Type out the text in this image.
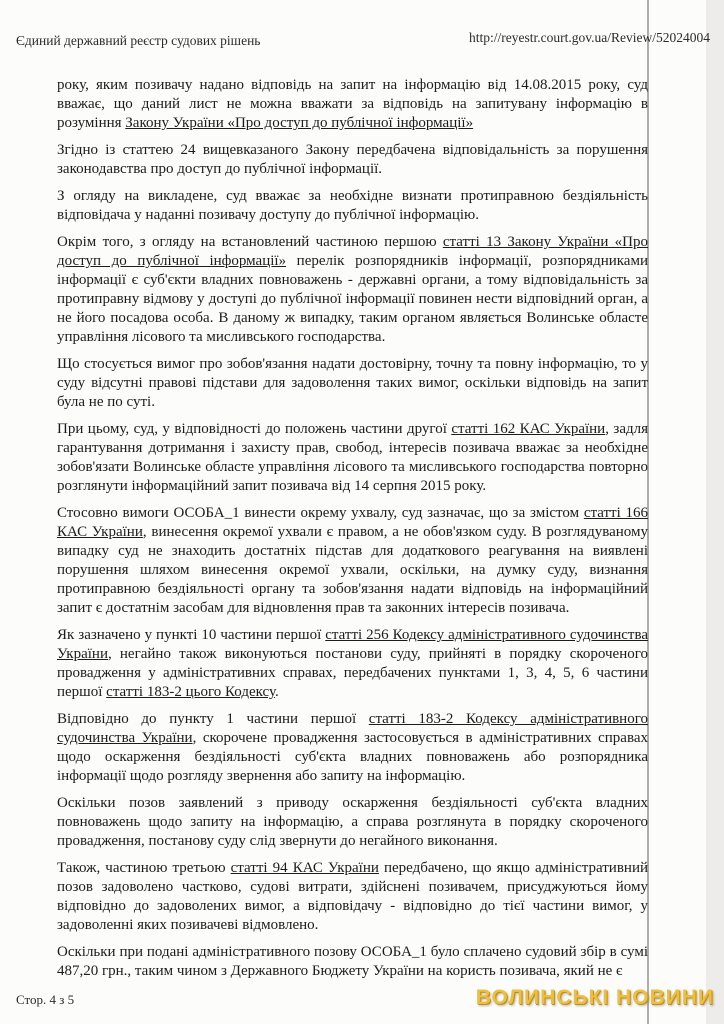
Єдиний державний реєстр судових рішень	http://reyestr.court.gov.ua/Review/52024004

року, яким позивачу надано відповідь на запит на інформацію від 14.08.2015 року, суд вважає, що даний лист не можна вважати за відповідь на запитувану інформацію в розуміння Закону України «Про доступ до публічної інформації»

Згідно із статтею 24 вищевказаного Закону передбачена відповідальність за порушення законодавства про доступ до публічної інформації.

З огляду на викладене, суд вважає за необхідне визнати протиправною бездіяльність відповідача у наданні позивачу доступу до публічної інформацію.

Окрім того, з огляду на встановлений частиною першою статті 13 Закону України «Про доступ до публічної інформації» перелік розпорядників інформації, розпорядниками інформації є суб'єкти владних повноважень - державні органи, а тому відповідальність за протиправну відмову у доступі до публічної інформації повинен нести відповідний орган, а не його посадова особа. В даному ж випадку, таким органом являється Волинське областе управління лісового та мисливського господарства.

Що стосується вимог про зобов'язання надати достовірну, точну та повну інформацію, то у суду відсутні правові підстави для задоволення таких вимог, оскільки відповідь на запит була не по суті.

При цьому, суд, у відповідності до положень частини другої статті 162 КАС України, задля гарантування дотримання і захисту прав, свобод, інтересів позивача вважає за необхідне зобов'язати Волинське областе управління лісового та мисливського господарства повторно розглянути інформаційний запит позивача від 14 серпня 2015 року.

Стосовно вимоги ОСОБА_1 винести окрему ухвалу, суд зазначає, що за змістом статті 166 КАС України, винесення окремої ухвали є правом, а не обов'язком суду. В розглядуваному випадку суд не знаходить достатніх підстав для додаткового реагування на виявлені порушення шляхом винесення окремої ухвали, оскільки, на думку суду, визнання протиправною бездіяльності органу та зобов'язання надати відповідь на інформаційний запит є достатнім засобам для відновлення прав та законних інтересів позивача.

Як зазначено у пункті 10 частини першої статті 256 Кодексу адміністративного судочинства України, негайно також виконуються постанови суду, прийняті в порядку скороченого провадження у адміністративних справах, передбачених пунктами 1, 3, 4, 5, 6 частини першої статті 183-2 цього Кодексу.

Відповідно до пункту 1 частини першої статті 183-2 Кодексу адміністративного судочинства України, скорочене провадження застосовується в адміністративних справах щодо оскарження бездіяльності суб'єкта владних повноважень або розпорядника інформації щодо розгляду звернення або запиту на інформацію.

Оскільки позов заявлений з приводу оскарження бездіяльності суб'єкта владних повноважень щодо запиту на інформацію, а справа розглянута в порядку скороченого провадження, постанову суду слід звернути до негайного виконання.

Також, частиною третьою статті 94 КАС України передбачено, що якщо адміністративний позов задоволено частково, судові витрати, здійснені позивачем, присуджуються йому відповідно до задоволених вимог, а відповідачу - відповідно до тієї частини вимог, у задоволенні яких позивачеві відмовлено.

Оскільки при подані адміністративного позову ОСОБА_1 було сплачено судовий збір в сумі 487,20 грн., таким чином з Державного Бюджету України на користь позивача, який не є

Стор. 4 з 5	ВОЛИНСЬКІ НОВИНИ
